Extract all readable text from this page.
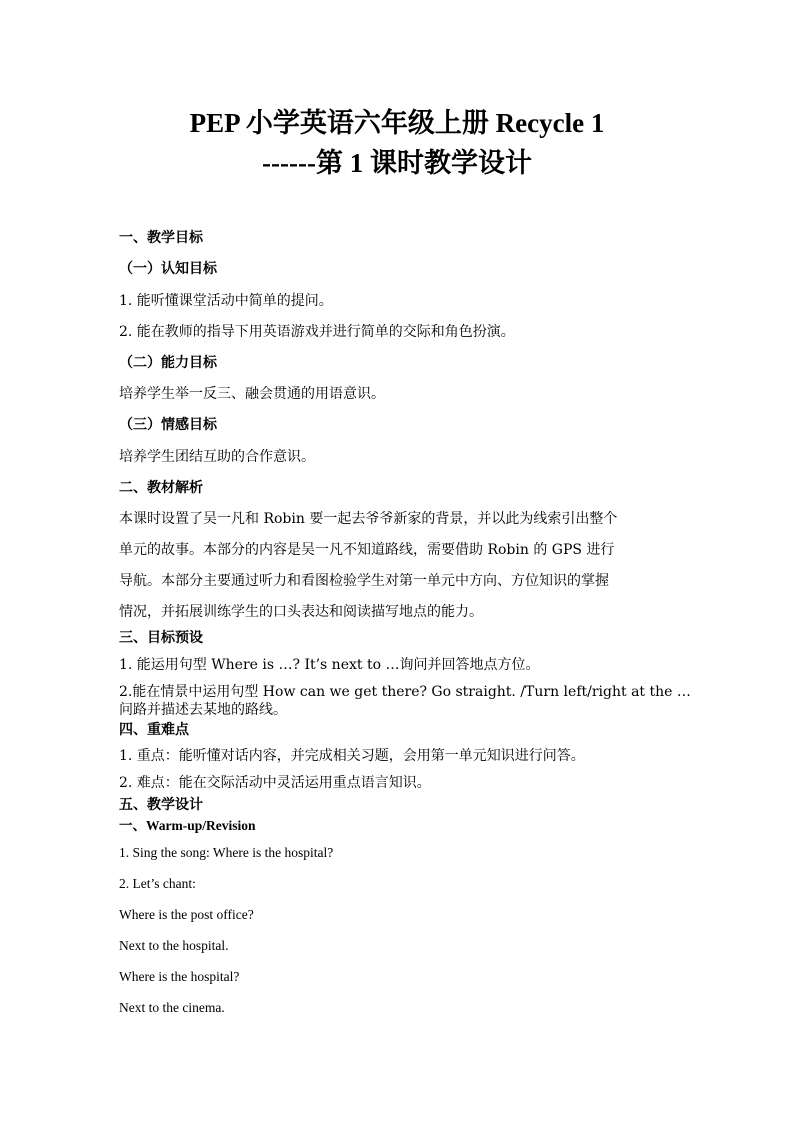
PEP 小学英语六年级上册 Recycle 1
------第 1 课时教学设计
一、教学目标
（一）认知目标
1. 能听懂课堂活动中简单的提问。
2. 能在教师的指导下用英语游戏并进行简单的交际和角色扮演。
（二）能力目标
培养学生举一反三、融会贯通的用语意识。
（三）情感目标
培养学生团结互助的合作意识。
二、教材解析
本课时设置了吴一凡和 Robin 要一起去爷爷新家的背景，并以此为线索引出整个
单元的故事。本部分的内容是吴一凡不知道路线，需要借助 Robin 的 GPS 进行
导航。本部分主要通过听力和看图检验学生对第一单元中方向、方位知识的掌握
情况，并拓展训练学生的口头表达和阅读描写地点的能力。
三、目标预设
1. 能运用句型 Where is …? It’s next to …询问并回答地点方位。
2.能在情景中运用句型 How can we get there? Go straight. /Turn left/right at the …
问路并描述去某地的路线。
四、重难点
1. 重点：能听懂对话内容，并完成相关习题，会用第一单元知识进行问答。
2. 难点：能在交际活动中灵活运用重点语言知识。
五、教学设计
一、Warm-up/Revision
1. Sing the song: Where is the hospital?
2. Let’s chant:
Where is the post office?
Next to the hospital.
Where is the hospital?
Next to the cinema.
